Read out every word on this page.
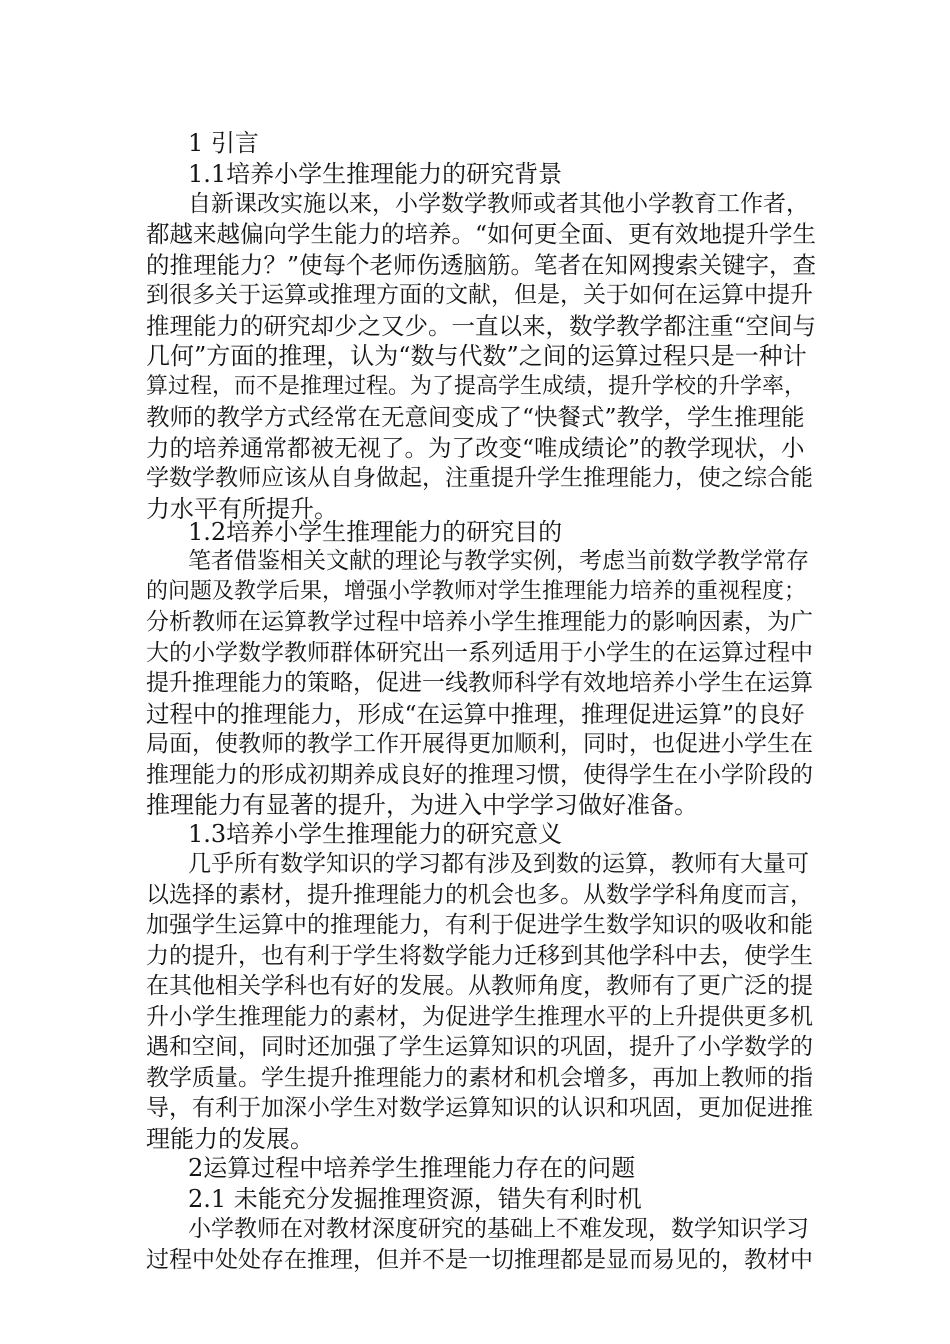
1 引言
1.1培养小学生推理能力的研究背景
自新课改实施以来，小学数学教师或者其他小学教育工作者，
都越来越偏向学生能力的培养。“如何更全面、更有效地提升学生
的推理能力？”使每个老师伤透脑筋。笔者在知网搜索关键字，查
到很多关于运算或推理方面的文献，但是，关于如何在运算中提升
推理能力的研究却少之又少。一直以来，数学教学都注重“空间与
几何”方面的推理，认为“数与代数”之间的运算过程只是一种计
算过程，而不是推理过程。为了提高学生成绩，提升学校的升学率，
教师的教学方式经常在无意间变成了“快餐式”教学，学生推理能
力的培养通常都被无视了。为了改变“唯成绩论”的教学现状，小
学数学教师应该从自身做起，注重提升学生推理能力，使之综合能
力水平有所提升。
1.2培养小学生推理能力的研究目的
笔者借鉴相关文献的理论与教学实例，考虑当前数学教学常存
的问题及教学后果，增强小学教师对学生推理能力培养的重视程度；
分析教师在运算教学过程中培养小学生推理能力的影响因素，为广
大的小学数学教师群体研究出一系列适用于小学生的在运算过程中
提升推理能力的策略，促进一线教师科学有效地培养小学生在运算
过程中的推理能力，形成“在运算中推理，推理促进运算”的良好
局面，使教师的教学工作开展得更加顺利，同时，也促进小学生在
推理能力的形成初期养成良好的推理习惯，使得学生在小学阶段的
推理能力有显著的提升，为进入中学学习做好准备。
1.3培养小学生推理能力的研究意义
几乎所有数学知识的学习都有涉及到数的运算，教师有大量可
以选择的素材，提升推理能力的机会也多。从数学学科角度而言，
加强学生运算中的推理能力，有利于促进学生数学知识的吸收和能
力的提升，也有利于学生将数学能力迁移到其他学科中去，使学生
在其他相关学科也有好的发展。从教师角度，教师有了更广泛的提
升小学生推理能力的素材，为促进学生推理水平的上升提供更多机
遇和空间，同时还加强了学生运算知识的巩固，提升了小学数学的
教学质量。学生提升推理能力的素材和机会增多，再加上教师的指
导，有利于加深小学生对数学运算知识的认识和巩固，更加促进推
理能力的发展。
2运算过程中培养学生推理能力存在的问题
2.1 未能充分发掘推理资源，错失有利时机
小学教师在对教材深度研究的基础上不难发现，数学知识学习
过程中处处存在推理，但并不是一切推理都是显而易见的，教材中
